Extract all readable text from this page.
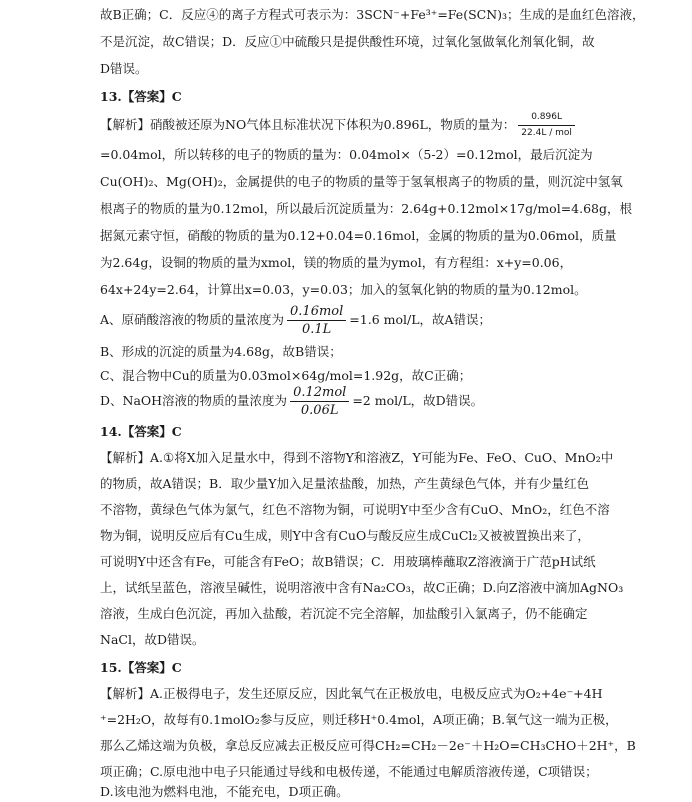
故B正确；C．反应④的离子方程式可表示为：3SCN⁻+Fe³⁺=Fe(SCN)₃；生成的是血红色溶液，
不是沉淀，故C错误；D．反应①中硫酸只是提供酸性环境，过氧化氢做氧化剂氧化铜，故
D错误。
13.【答案】C
【解析】硝酸被还原为NO气体且标准状况下体积为0.896L，物质的量为： $\frac{0.896L}{\text{22.4L / mol}}$
=0.04mol，所以转移的电子的物质的量为：0.04mol×（5-2）=0.12mol，最后沉淀为
Cu(OH)₂、Mg(OH)₂，金属提供的电子的物质的量等于氢氧根离子的物质的量，则沉淀中氢氧
根离子的物质的量为0.12mol，所以最后沉淀质量为：2.64g+0.12mol×17g/mol=4.68g，根
据氮元素守恒，硝酸的物质的量为0.12+0.04=0.16mol，金属的物质的量为0.06mol，质量
为2.64g，设铜的物质的量为xmol，镁的物质的量为ymol，有方程组：x+y=0.06，
64x+24y=2.64，计算出x=0.03，y=0.03；加入的氢氧化钠的物质的量为0.12mol。
A、原硝酸溶液的物质的量浓度为 $\frac{\text{0.16mol}}{0.1L} =1.6$ mol/L，故A错误；
B、形成的沉淀的质量为4.68g，故B错误；
C、混合物中Cu的质量为0.03mol×64g/mol=1.92g，故C正确；
D、NaOH溶液的物质的量浓度为 $\frac{\text{0.12mol}}{0.06L} =2$ mol/L，故D错误。
14.【答案】C
【解析】A.①将X加入足量水中，得到不溶物Y和溶液Z，Y可能为Fe、FeO、CuO、MnO₂中
的物质，故A错误；B．取少量Y加入足量浓盐酸，加热，产生黄绿色气体，并有少量红色
不溶物，黄绿色气体为氯气，红色不溶物为铜，可说明Y中至少含有CuO、MnO₂，红色不溶
物为铜，说明反应后有Cu生成，则Y中含有CuO与酸反应生成CuCl₂又被被置换出来了，
可说明Y中还含有Fe，可能含有FeO；故B错误；C．用玻璃棒蘸取Z溶液滴于广范pH试纸
上，试纸呈蓝色，溶液呈碱性，说明溶液中含有Na₂CO₃，故C正确；D.向Z溶液中滴加AgNO₃
溶液，生成白色沉淀，再加入盐酸，若沉淀不完全溶解，加盐酸引入氯离子，仍不能确定
NaCl，故D错误。
15.【答案】C
【解析】A.正极得电子，发生还原反应，因此氧气在正极放电，电极反应式为O₂+4e⁻+4H
⁺=2H₂O，故每有0.1molO₂参与反应，则迁移H⁺0.4mol，A项正确；B.氧气这一端为正极，
那么乙烯这端为负极，拿总反应减去正极反应可得CH₂=CH₂－2e⁻＋H₂O=CH₃CHO＋2H⁺，B
项正确；C.原电池中电子只能通过导线和电极传递，不能通过电解质溶液传递，C项错误；
D.该电池为燃料电池，不能充电，D项正确。
